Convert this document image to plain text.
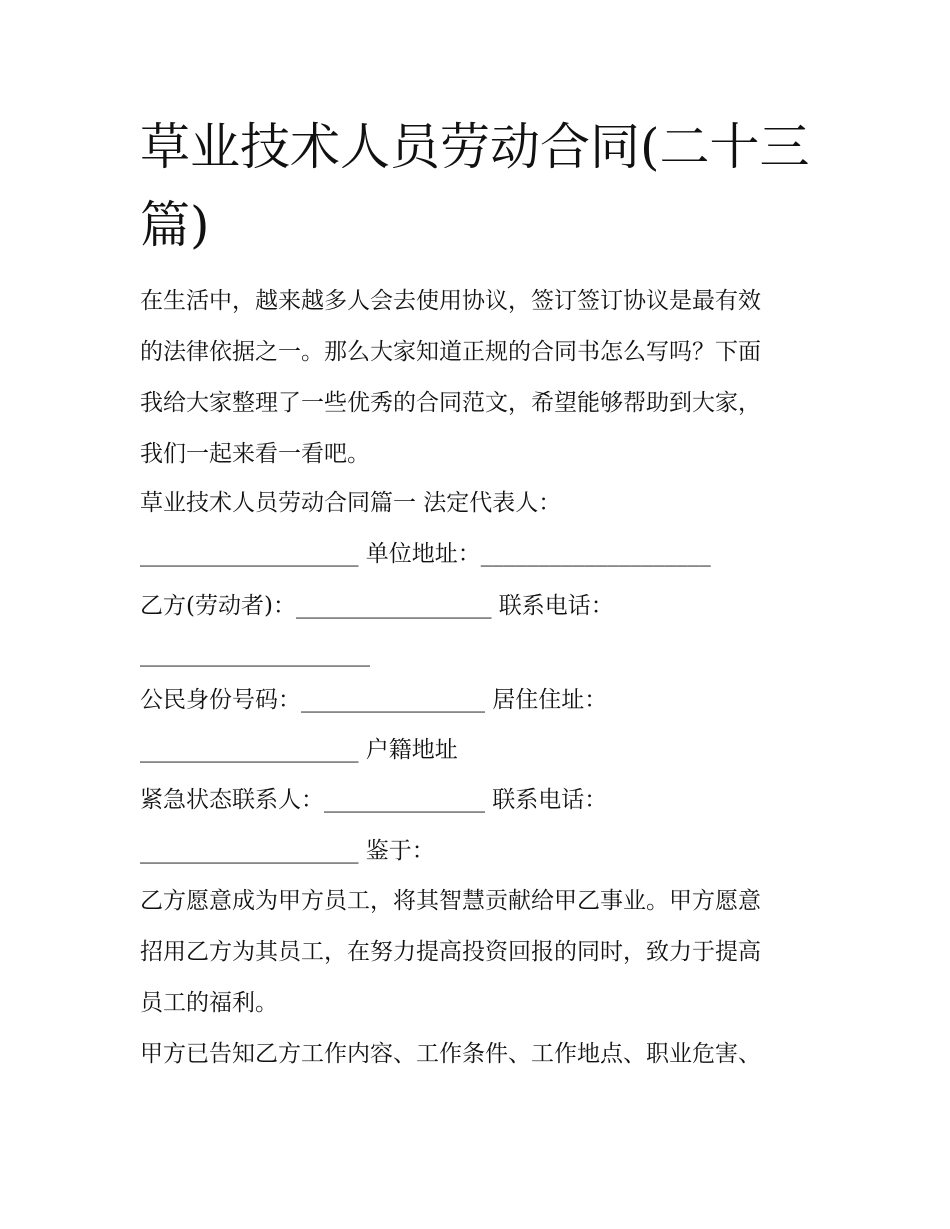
草业技术人员劳动合同(二十三篇)
在生活中，越来越多人会去使用协议，签订签订协议是最有效
的法律依据之一。那么大家知道正规的合同书怎么写吗？下面
我给大家整理了一些优秀的合同范文，希望能够帮助到大家，
我们一起来看一看吧。
草业技术人员劳动合同篇一 法定代表人：
___________________ 单位地址：____________________
乙方(劳动者)：_________________ 联系电话：
____________________
公民身份号码：________________ 居住住址：
___________________ 户籍地址
紧急状态联系人：______________ 联系电话：
___________________ 鉴于：
乙方愿意成为甲方员工，将其智慧贡献给甲乙事业。甲方愿意
招用乙方为其员工，在努力提高投资回报的同时，致力于提高
员工的福利。
甲方已告知乙方工作内容、工作条件、工作地点、职业危害、
